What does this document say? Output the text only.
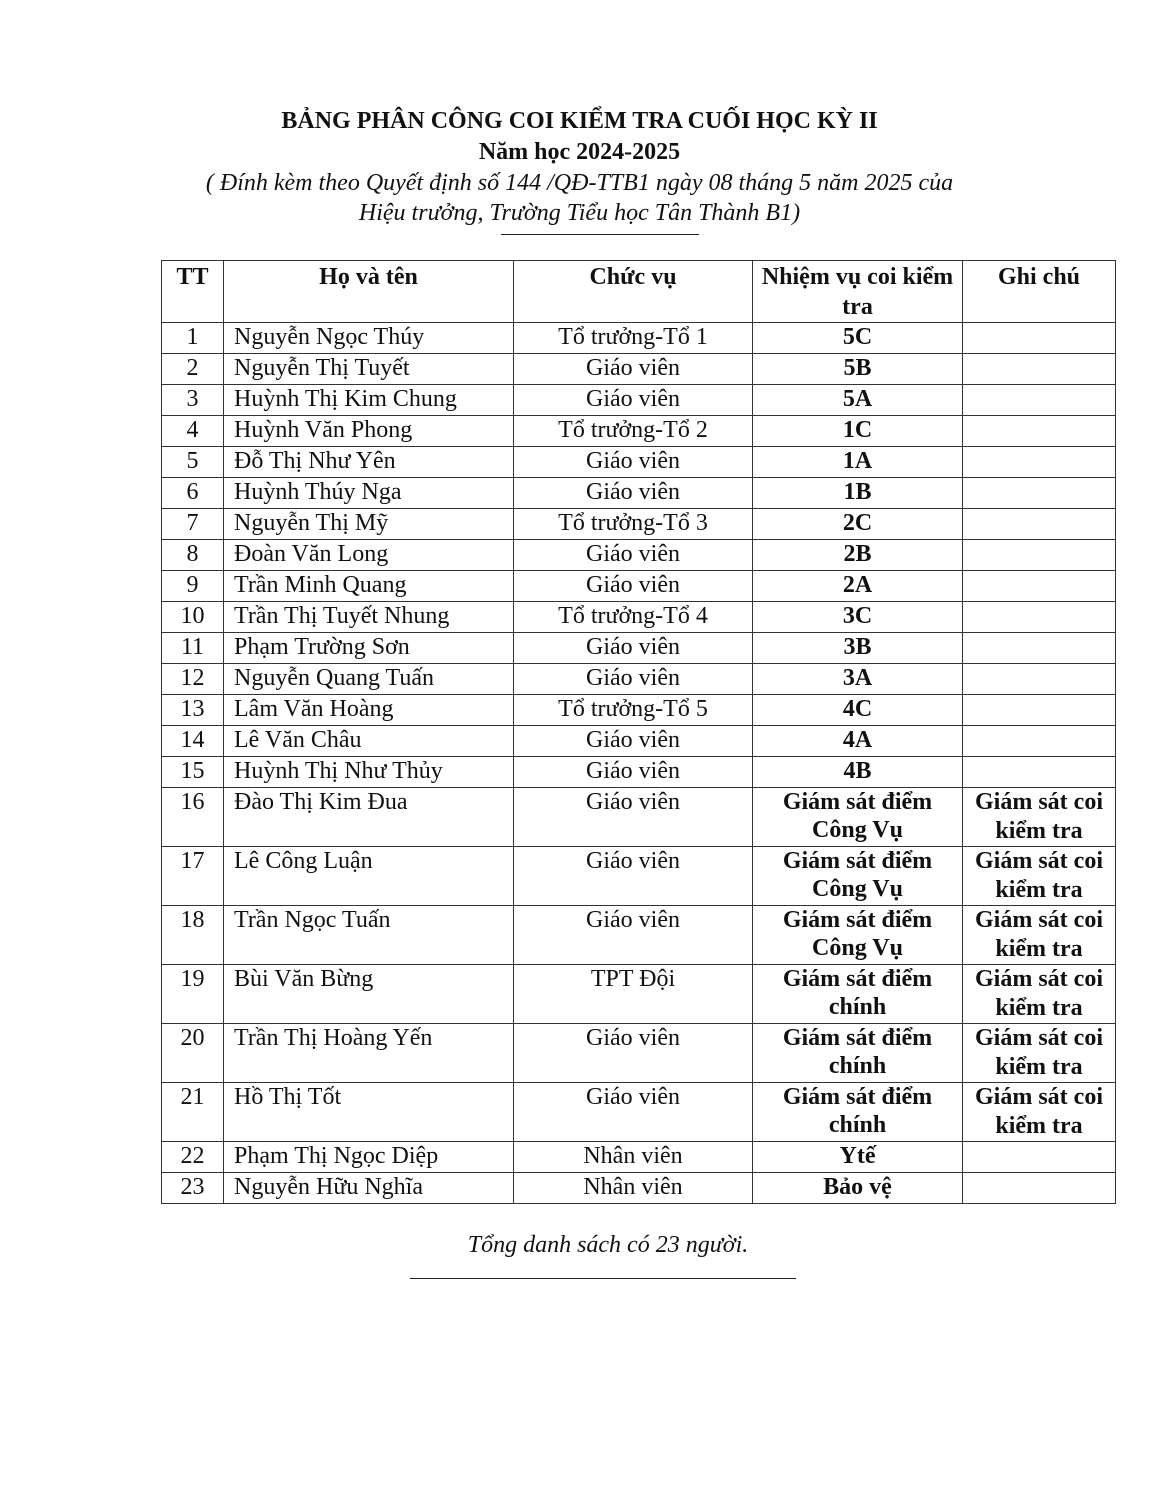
BẢNG PHÂN CÔNG COI KIỂM TRA CUỐI HỌC KỲ II
Năm học 2024-2025
( Đính kèm theo Quyết định số 144 /QĐ-TTB1 ngày 08 tháng 5 năm 2025 của
Hiệu trưởng, Trường Tiểu học Tân Thành B1)
TT	Họ và tên	Chức vụ	Nhiệm vụ coi kiểm tra	Ghi chú
1	Nguyễn Ngọc Thúy	Tổ trưởng-Tổ 1	5C	
2	Nguyễn Thị Tuyết	Giáo viên	5B	
3	Huỳnh Thị Kim Chung	Giáo viên	5A	
4	Huỳnh Văn Phong	Tổ trưởng-Tổ 2	1C	
5	Đỗ Thị Như Yên	Giáo viên	1A	
6	Huỳnh Thúy Nga	Giáo viên	1B	
7	Nguyễn Thị Mỹ	Tổ trưởng-Tổ 3	2C	
8	Đoàn Văn Long	Giáo viên	2B	
9	Trần Minh Quang	Giáo viên	2A	
10	Trần Thị Tuyết Nhung	Tổ trưởng-Tổ 4	3C	
11	Phạm Trường Sơn	Giáo viên	3B	
12	Nguyễn Quang Tuấn	Giáo viên	3A	
13	Lâm Văn Hoàng	Tổ trưởng-Tổ 5	4C	
14	Lê Văn Châu	Giáo viên	4A	
15	Huỳnh Thị Như Thủy	Giáo viên	4B	
16	Đào Thị Kim Đua	Giáo viên	Giám sát điểm Công Vụ	Giám sát coi kiểm tra
17	Lê Công Luận	Giáo viên	Giám sát điểm Công Vụ	Giám sát coi kiểm tra
18	Trần Ngọc Tuấn	Giáo viên	Giám sát điểm Công Vụ	Giám sát coi kiểm tra
19	Bùi Văn Bừng	TPT Đội	Giám sát điểm chính	Giám sát coi kiểm tra
20	Trần Thị Hoàng Yến	Giáo viên	Giám sát điểm chính	Giám sát coi kiểm tra
21	Hồ Thị Tốt	Giáo viên	Giám sát điểm chính	Giám sát coi kiểm tra
22	Phạm Thị Ngọc Diệp	Nhân viên	Ytế	
23	Nguyễn Hữu Nghĩa	Nhân viên	Bảo vệ	
Tổng danh sách có 23 người.
